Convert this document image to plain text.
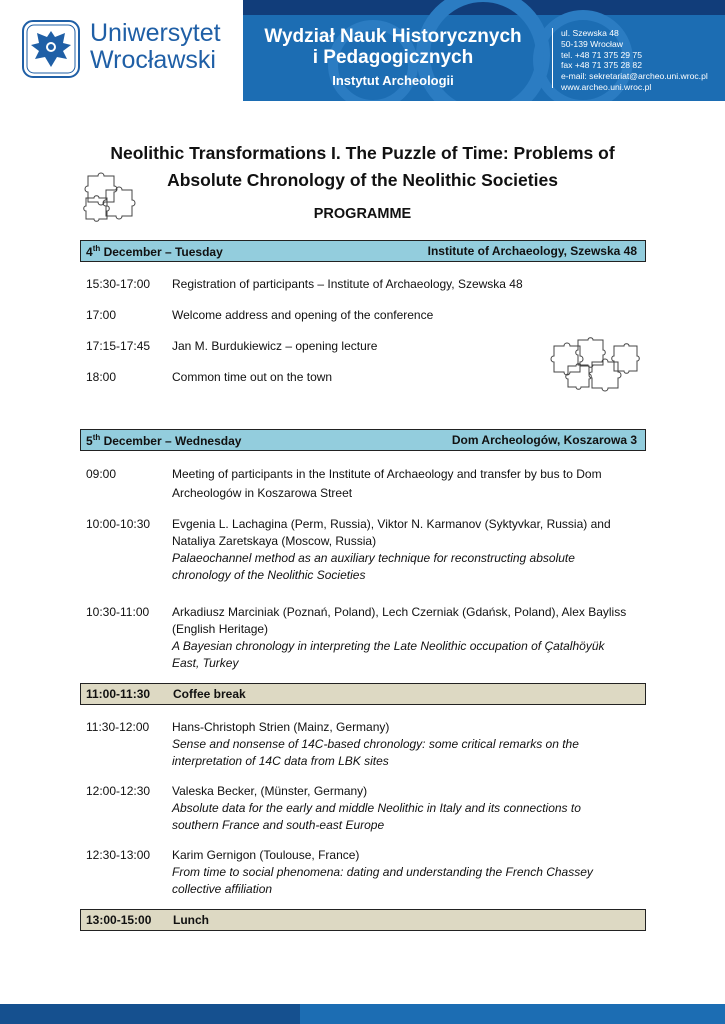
Uniwersytet
Wrocławski
Wydział Nauk Historycznych
i Pedagogicznych
Instytut Archeologii
ul. Szewska 48
50-139 Wrocław
tel. +48 71 375 29 75
fax +48 71 375 28 82
e-mail: sekretariat@archeo.uni.wroc.pl
www.archeo.uni.wroc.pl
Neolithic Transformations I. The Puzzle of Time: Problems of
Absolute Chronology of the Neolithic Societies
PROGRAMME
4th December – Tuesday	Institute of Archaeology, Szewska 48
15:30-17:00	Registration of participants – Institute of Archaeology, Szewska 48
17:00	Welcome address and opening of the conference
17:15-17:45	Jan M. Burdukiewicz – opening lecture
18:00	Common time out on the town
5th December – Wednesday	Dom Archeologów, Koszarowa 3
09:00	Meeting of participants in the Institute of Archaeology and transfer by bus to Dom
Archeologów in Koszarowa Street
10:00-10:30	Evgenia L. Lachagina (Perm, Russia), Viktor N. Karmanov (Syktyvkar, Russia) and
Nataliya Zaretskaya (Moscow, Russia)
Palaeochannel method as an auxiliary technique for reconstructing absolute
chronology of the Neolithic Societies
10:30-11:00	Arkadiusz Marciniak (Poznań, Poland), Lech Czerniak (Gdańsk, Poland), Alex Bayliss
(English Heritage)
A Bayesian chronology in interpreting the Late Neolithic occupation of Çatalhöyük
East, Turkey
11:00-11:30	Coffee break
11:30-12:00	Hans-Christoph Strien (Mainz, Germany)
Sense and nonsense of 14C-based chronology: some critical remarks on the
interpretation of 14C data from LBK sites
12:00-12:30	Valeska Becker, (Münster, Germany)
Absolute data for the early and middle Neolithic in Italy and its connections to
southern France and south-east Europe
12:30-13:00	Karim Gernigon (Toulouse, France)
From time to social phenomena: dating and understanding the French Chassey
collective affiliation
13:00-15:00	Lunch
